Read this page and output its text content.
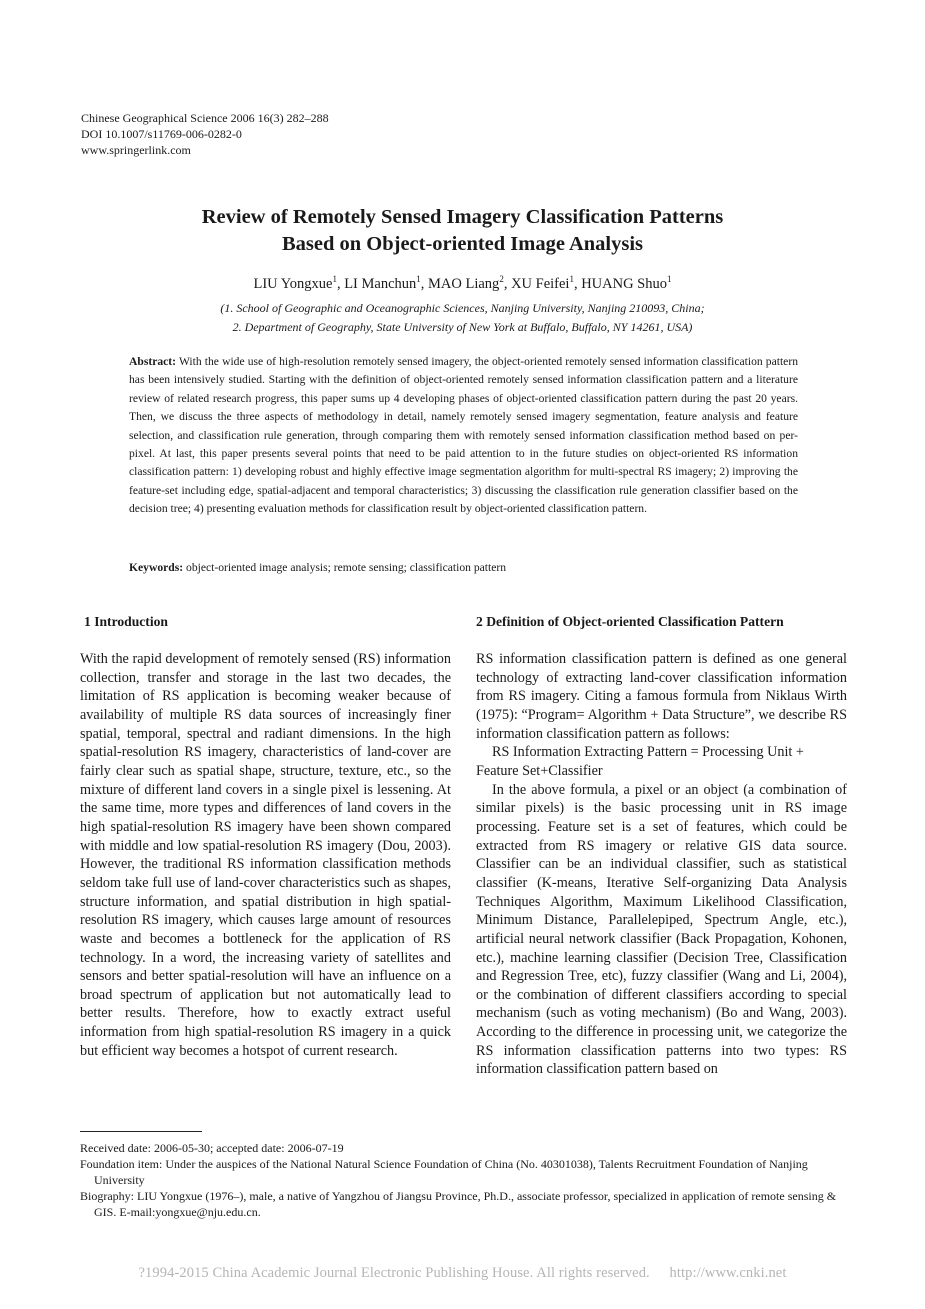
Chinese Geographical Science 2006 16(3) 282–288
DOI 10.1007/s11769-006-0282-0
www.springerlink.com
Review of Remotely Sensed Imagery Classification Patterns
Based on Object-oriented Image Analysis
LIU Yongxue$^1$, LI Manchun$^1$, MAO Liang$^2$, XU Feifei$^1$, HUANG Shuo$^1$
(1. School of Geographic and Oceanographic Sciences, Nanjing University, Nanjing 210093, China;
2. Department of Geography, State University of New York at Buffalo, Buffalo, NY 14261, USA)
Abstract: With the wide use of high-resolution remotely sensed imagery, the object-oriented remotely sensed information classification pattern has been intensively studied. Starting with the definition of object-oriented remotely sensed information classification pattern and a literature review of related research progress, this paper sums up 4 developing phases of object-oriented classification pattern during the past 20 years. Then, we discuss the three aspects of methodology in detail, namely remotely sensed imagery segmentation, feature analysis and feature selection, and classification rule generation, through comparing them with remotely sensed information classification method based on per-pixel. At last, this paper presents several points that need to be paid attention to in the future studies on object-oriented RS information classification pattern: 1) developing robust and highly effective image segmentation algorithm for multi-spectral RS imagery; 2) improving the feature-set including edge, spatial-adjacent and temporal characteristics; 3) discussing the classification rule generation classifier based on the decision tree; 4) presenting evaluation methods for classification result by object-oriented classification pattern.
Keywords: object-oriented image analysis; remote sensing; classification pattern
1 Introduction	2 Definition of Object-oriented Classification Pattern

With the rapid development of remotely sensed (RS) information collection, transfer and storage in the last two decades, the limitation of RS application is becoming weaker because of availability of multiple RS data sources of increasingly finer spatial, temporal, spectral and radiant dimensions. In the high spatial-resolution RS imagery, characteristics of land-cover are fairly clear such as spatial shape, structure, texture, etc., so the mixture of different land covers in a single pixel is lessening. At the same time, more types and differences of land covers in the high spatial-resolution RS imagery have been shown compared with middle and low spatial-resolution RS imagery (Dou, 2003). However, the traditional RS information classification methods seldom take full use of land-cover characteristics such as shapes, structure information, and spatial distribution in high spatial-resolution RS imagery, which causes large amount of resources waste and becomes a bottleneck for the application of RS technology. In a word, the increasing variety of satellites and sensors and better spatial-resolution will have an influence on a broad spectrum of application but not automatically lead to better results. Therefore, how to exactly extract useful information from high spatial-resolution RS imagery in a quick but efficient way becomes a hotspot of current research.

RS information classification pattern is defined as one general technology of extracting land-cover classification information from RS imagery. Citing a famous formula from Niklaus Wirth (1975): “Program= Algorithm + Data Structure”, we describe RS information classification pattern as follows:

RS Information Extracting Pattern = Processing Unit + Feature Set+Classifier

In the above formula, a pixel or an object (a combination of similar pixels) is the basic processing unit in RS image processing. Feature set is a set of features, which could be extracted from RS imagery or relative GIS data source. Classifier can be an individual classifier, such as statistical classifier (K-means, Iterative Self-organizing Data Analysis Techniques Algorithm, Maximum Likelihood Classification, Minimum Distance, Parallelepiped, Spectrum Angle, etc.), artificial neural network classifier (Back Propagation, Kohonen, etc.), machine learning classifier (Decision Tree, Classification and Regression Tree, etc), fuzzy classifier (Wang and Li, 2004), or the combination of different classifiers according to special mechanism (such as voting mechanism) (Bo and Wang, 2003). According to the difference in processing unit, we categorize the RS information classification patterns into two types: RS information classification pattern based on

Received date: 2006-05-30; accepted date: 2006-07-19
Foundation item: Under the auspices of the National Natural Science Foundation of China (No. 40301038), Talents Recruitment Foundation of Nanjing University
Biography: LIU Yongxue (1976–), male, a native of Yangzhou of Jiangsu Province, Ph.D., associate professor, specialized in application of remote sensing & GIS. E-mail:yongxue@nju.edu.cn.
?1994-2015 China Academic Journal Electronic Publishing House. All rights reserved. http://www.cnki.net
